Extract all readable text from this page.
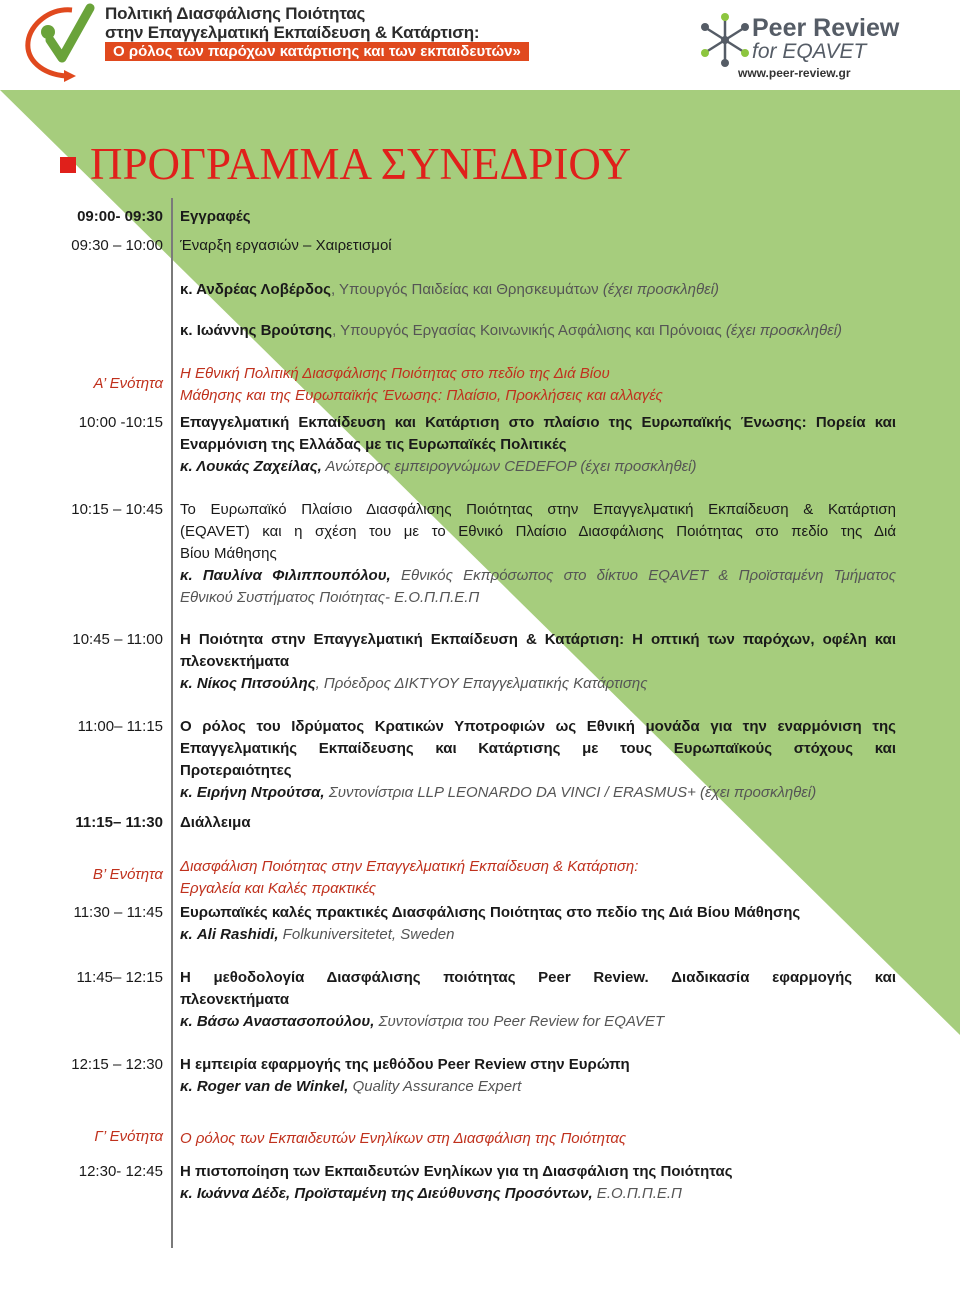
Πολιτική Διασφάλισης Ποιότητας
στην Επαγγελματική Εκπαίδευση & Κατάρτιση:
Ο ρόλος των παρόχων κατάρτισης και των εκπαιδευτών»
Peer Review
for EQAVET
www.peer-review.gr
ΠΡΟΓΡΑΜΜΑ ΣΥΝΕΔΡΙΟΥ
09:00- 09:30 Εγγραφές
09:30 – 10:00 Έναρξη εργασιών – Χαιρετισμοί
κ. Ανδρέας Λοβέρδος, Υπουργός Παιδείας και Θρησκευμάτων (έχει προσκληθεί)
κ. Ιωάννης Βρούτσης, Υπουργός Εργασίας Κοινωνικής Ασφάλισης και Πρόνοιας (έχει προσκληθεί)
Α’ Ενότητα
Η Εθνική Πολιτική Διασφάλισης Ποιότητας στο πεδίο της Διά Βίου
Μάθησης και της Ευρωπαϊκής Ένωσης: Πλαίσιο, Προκλήσεις και αλλαγές
10:00 -10:15 Επαγγελματική Εκπαίδευση και Κατάρτιση στο πλαίσιο της Ευρωπαϊκής Ένωσης: Πορεία και
Εναρμόνιση της Ελλάδας με τις Ευρωπαϊκές Πολιτικές
κ. Λουκάς Ζαχείλας, Ανώτερος εμπειρογνώμων CEDEFOP (έχει προσκληθεί)
10:15 – 10:45 Το Ευρωπαϊκό Πλαίσιο Διασφάλισης Ποιότητας στην Επαγγελματική Εκπαίδευση & Κατάρτιση
(EQAVET) και η σχέση του με το Εθνικό Πλαίσιο Διασφάλισης Ποιότητας στο πεδίο της Διά
Βίου Μάθησης
κ. Παυλίνα Φιλιππουπόλου, Εθνικός Εκπρόσωπος στο δίκτυο EQAVET & Προϊσταμένη Τμήματος
Εθνικού Συστήματος Ποιότητας- Ε.Ο.Π.Π.Ε.Π
10:45 – 11:00 Η Ποιότητα στην Επαγγελματική Εκπαίδευση & Κατάρτιση: Η οπτική των παρόχων, οφέλη και
πλεονεκτήματα
κ. Νίκος Πιτσούλης, Πρόεδρος ΔΙΚΤΥΟΥ Επαγγελματικής Κατάρτισης
11:00– 11:15 Ο ρόλος του Ιδρύματος Κρατικών Υποτροφιών ως Εθνική μονάδα για την εναρμόνιση της
Επαγγελματικής Εκπαίδευσης και Κατάρτισης με τους Ευρωπαϊκούς στόχους και
Προτεραιότητες
κ. Ειρήνη Ντρούτσα, Συντονίστρια LLP LEONARDO DA VINCI / ERASMUS+ (έχει προσκληθεί)
11:15– 11:30 Διάλλειμα
Β’ Ενότητα Διασφάλιση Ποιότητας στην Επαγγελματική Εκπαίδευση & Κατάρτιση:
Εργαλεία και Καλές πρακτικές
11:30 – 11:45 Ευρωπαϊκές καλές πρακτικές Διασφάλισης Ποιότητας στο πεδίο της Διά Βίου Μάθησης
κ. Ali Rashidi, Folkuniversitetet, Sweden
11:45– 12:15 Η μεθοδολογία Διασφάλισης ποιότητας Peer Review. Διαδικασία εφαρμογής και
πλεονεκτήματα
κ. Βάσω Αναστασοπούλου, Συντονίστρια του Peer Review for EQAVET
12:15 – 12:30 Η εμπειρία εφαρμογής της μεθόδου Peer Review στην Ευρώπη
κ. Roger van de Winkel, Quality Assurance Expert
Γ’ Ενότητα Ο ρόλος των Εκπαιδευτών Ενηλίκων στη Διασφάλιση της Ποιότητας
12:30- 12:45 Η πιστοποίηση των Εκπαιδευτών Ενηλίκων για τη Διασφάλιση της Ποιότητας
κ. Ιωάννα Δέδε, Προϊσταμένη της Διεύθυνσης Προσόντων, Ε.Ο.Π.Π.Ε.Π
